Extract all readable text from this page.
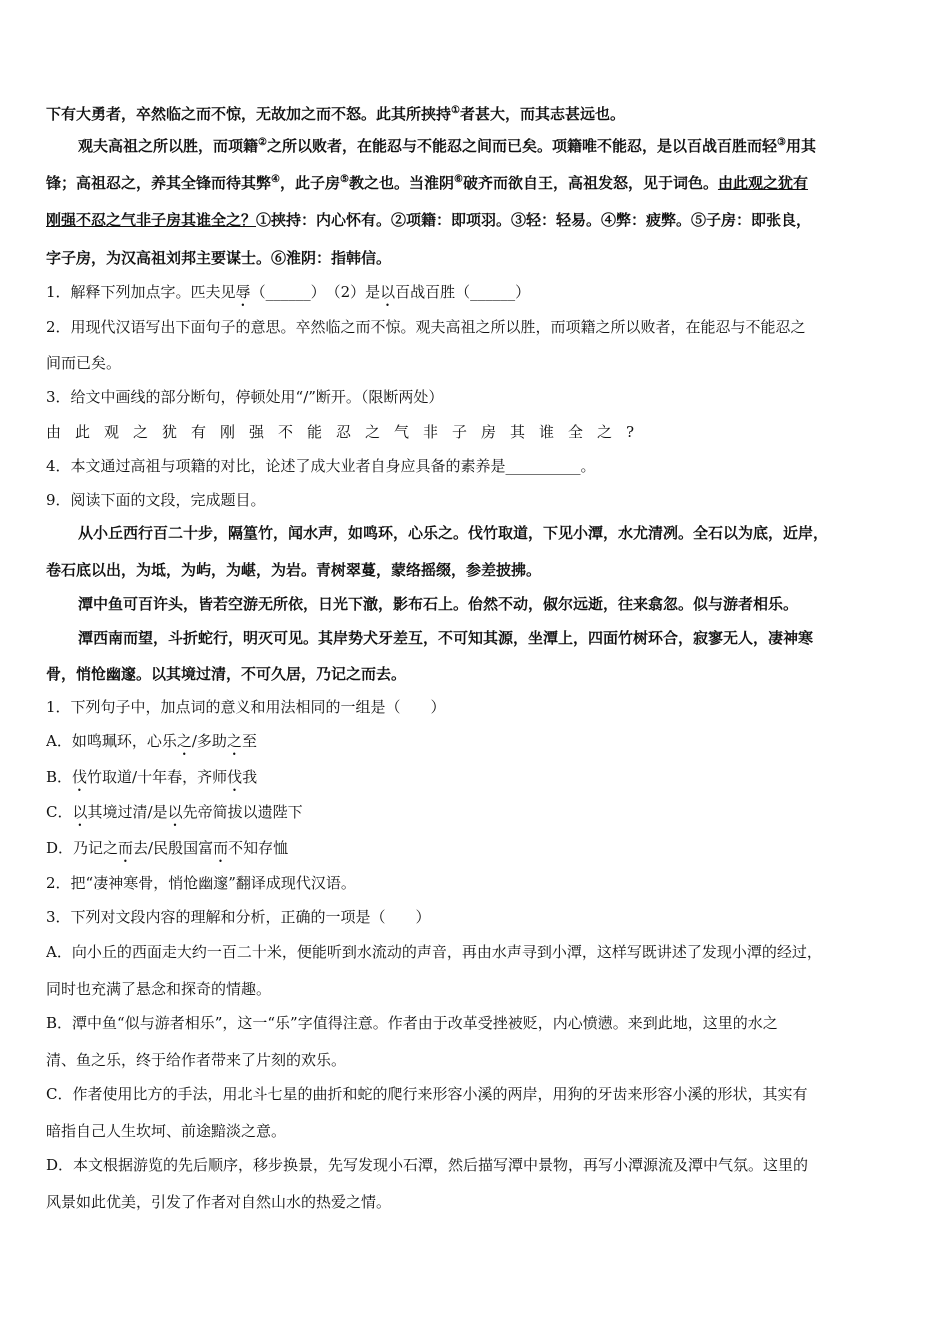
下有大勇者，卒然临之而不惊，无故加之而不怒。此其所挟持①者甚大，而其志甚远也。
观夫高祖之所以胜，而项籍②之所以败者，在能忍与不能忍之间而已矣。项籍唯不能忍，是以百战百胜而轻③用其
锋；高祖忍之，养其全锋而待其弊④，此子房⑤教之也。当淮阴⑥破齐而欲自王，高祖发怒，见于词色。由此观之犹有
刚强不忍之气非子房其谁全之？①挟持：内心怀有。②项籍：即项羽。③轻：轻易。④弊：疲弊。⑤子房：即张良，
字子房，为汉高祖刘邦主要谋士。⑥淮阴：指韩信。
1．解释下列加点字。匹夫见辱（______）　（2）是以百战百胜（______）
2．用现代汉语写出下面句子的意思。卒然临之而不惊。观夫高祖之所以胜，而项籍之所以败者，在能忍与不能忍之
间而已矣。
3．给文中画线的部分断句，停顿处用“/”断开。（限断两处）
由此观之犹有刚强不能忍之气非子房其谁全之?
4．本文通过高祖与项籍的对比，论述了成大业者自身应具备的素养是__________。
9．阅读下面的文段，完成题目。
从小丘西行百二十步，隔篁竹，闻水声，如鸣环，心乐之。伐竹取道，下见小潭，水尤清冽。全石以为底，近岸，
卷石底以出，为坻，为屿，为嵁，为岩。青树翠蔓，蒙络摇缀，参差披拂。
潭中鱼可百许头，皆若空游无所依，日光下澈，影布石上。佁然不动，俶尔远逝，往来翕忽。似与游者相乐。
潭西南而望，斗折蛇行，明灭可见。其岸势犬牙差互，不可知其源，坐潭上，四面竹树环合，寂寥无人，凄神寒
骨，悄怆幽邃。以其境过清，不可久居，乃记之而去。
1．下列句子中，加点词的意义和用法相同的一组是（　　）
A．如鸣珮环，心乐之/多助之至
B．伐竹取道/十年春，齐师伐我
C．以其境过清/是以先帝简拔以遗陛下
D．乃记之而去/民殷国富而不知存恤
2．把“凄神寒骨，悄怆幽邃”翻译成现代汉语。
3．下列对文段内容的理解和分析，正确的一项是（　　）
A．向小丘的西面走大约一百二十米，便能听到水流动的声音，再由水声寻到小潭，这样写既讲述了发现小潭的经过，
同时也充满了悬念和探奇的情趣。
B．潭中鱼“似与游者相乐”，这一“乐”字值得注意。作者由于改革受挫被贬，内心愤懑。来到此地，这里的水之
清、鱼之乐，终于给作者带来了片刻的欢乐。
C．作者使用比方的手法，用北斗七星的曲折和蛇的爬行来形容小溪的两岸，用狗的牙齿来形容小溪的形状，其实有
暗指自己人生坎坷、前途黯淡之意。
D．本文根据游览的先后顺序，移步换景，先写发现小石潭，然后描写潭中景物，再写小潭源流及潭中气氛。这里的
风景如此优美，引发了作者对自然山水的热爱之情。
